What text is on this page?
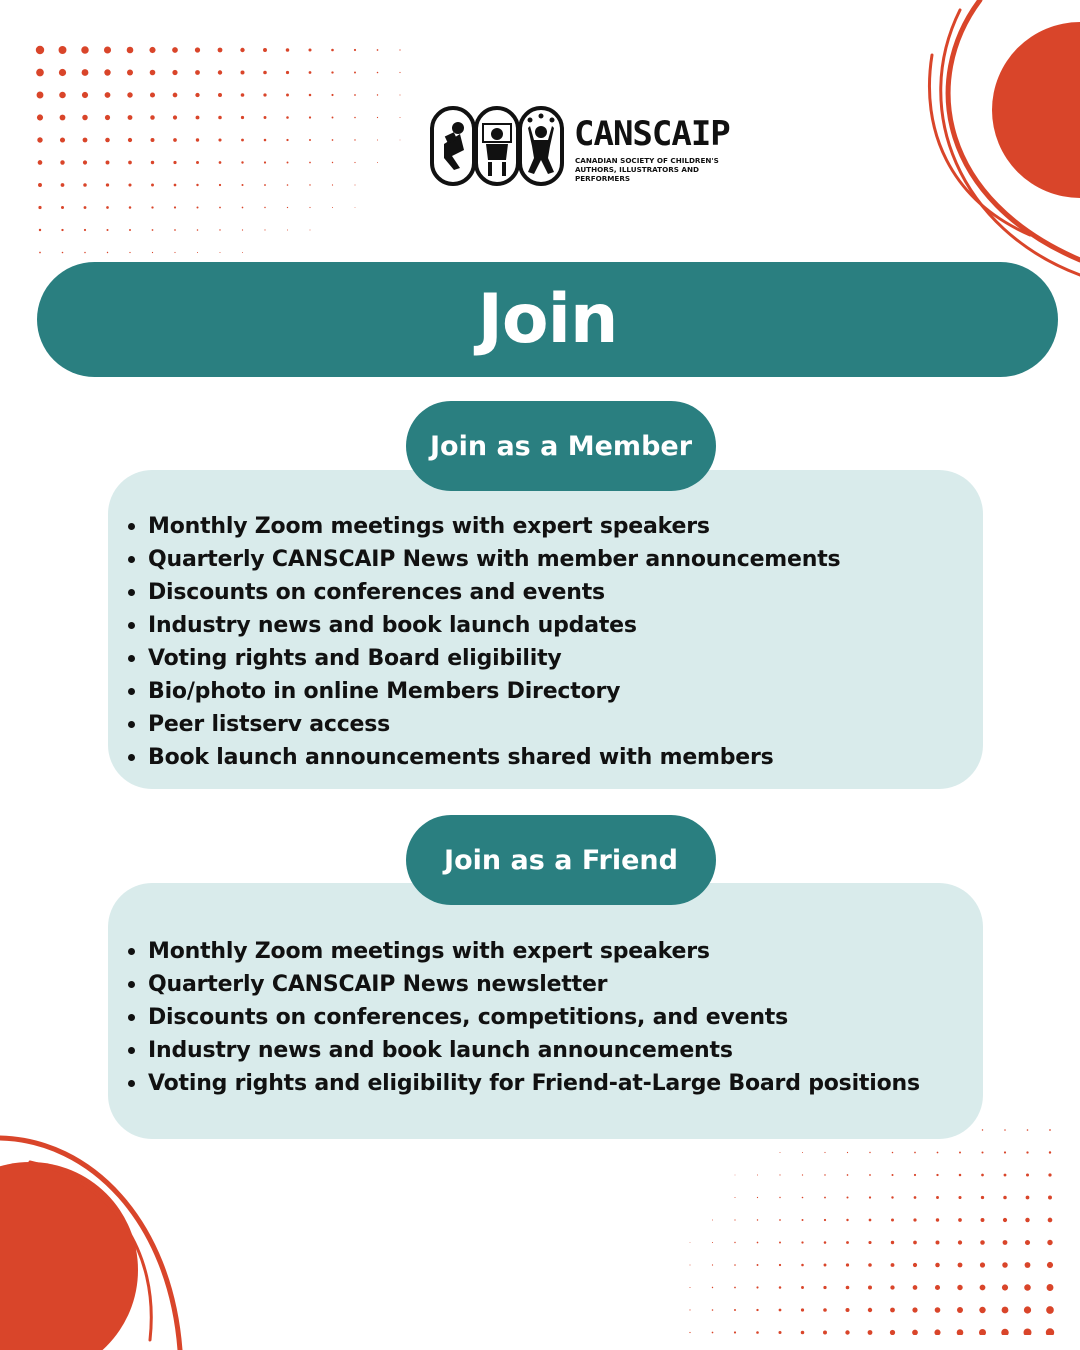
CANSCAIP
CANADIAN SOCIETY OF CHILDREN'S
AUTHORS, ILLUSTRATORS AND PERFORMERS
Join
Monthly Zoom meetings with expert speakers
Quarterly CANSCAIP News with member announcements
Discounts on conferences and events
Industry news and book launch updates
Voting rights and Board eligibility
Bio/photo in online Members Directory
Peer listserv access
Book launch announcements shared with members
Join as a Member
Monthly Zoom meetings with expert speakers
Quarterly CANSCAIP News newsletter
Discounts on conferences, competitions, and events
Industry news and book launch announcements
Voting rights and eligibility for Friend-at-Large Board positions
Join as a Friend
